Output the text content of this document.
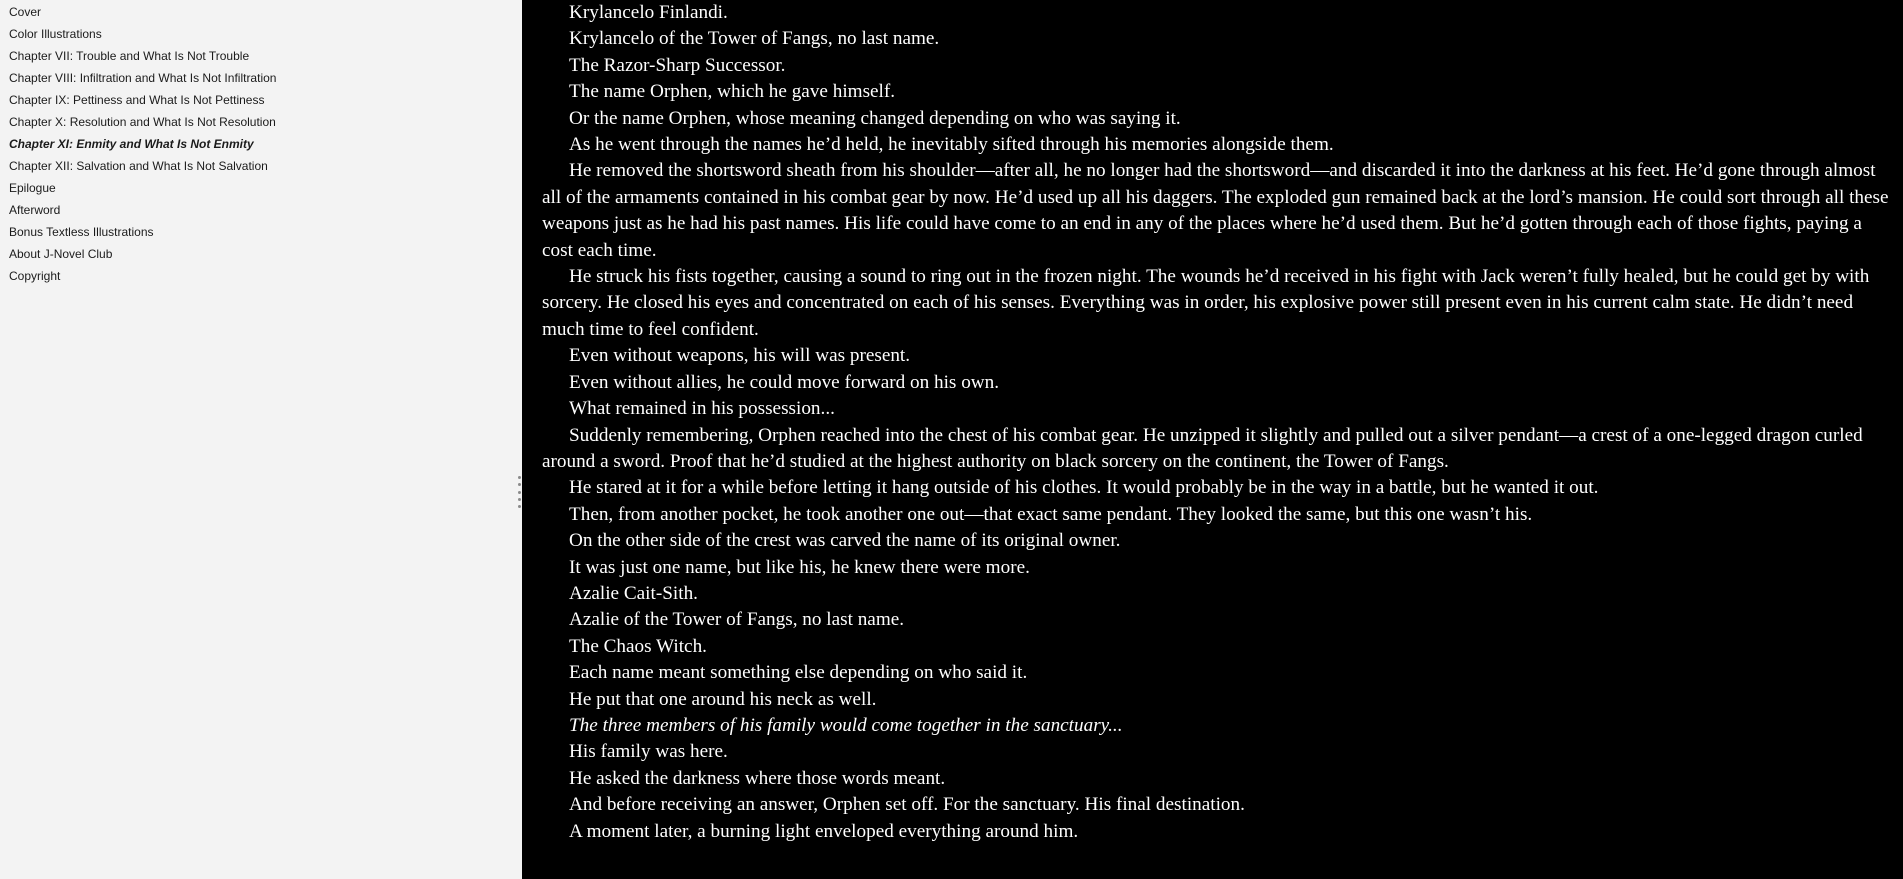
Cover
Color Illustrations
Chapter VII: Trouble and What Is Not Trouble
Chapter VIII: Infiltration and What Is Not Infiltration
Chapter IX: Pettiness and What Is Not Pettiness
Chapter X: Resolution and What Is Not Resolution
Chapter XI: Enmity and What Is Not Enmity
Chapter XII: Salvation and What Is Not Salvation
Epilogue
Afterword
Bonus Textless Illustrations
About J-Novel Club
Copyright

Krylancelo Finlandi.

Krylancelo of the Tower of Fangs, no last name.

The Razor-Sharp Successor.

The name Orphen, which he gave himself.

Or the name Orphen, whose meaning changed depending on who was saying it.

As he went through the names he’d held, he inevitably sifted through his memories alongside them.

He removed the shortsword sheath from his shoulder—after all, he no longer had the shortsword—and discarded it into the darkness at his feet. He’d gone through almost all of the armaments contained in his combat gear by now. He’d used up all his daggers. The exploded gun remained back at the lord’s mansion. He could sort through all these weapons just as he had his past names. His life could have come to an end in any of the places where he’d used them. But he’d gotten through each of those fights, paying a cost each time.

He struck his fists together, causing a sound to ring out in the frozen night. The wounds he’d received in his fight with Jack weren’t fully healed, but he could get by with sorcery. He closed his eyes and concentrated on each of his senses. Everything was in order, his explosive power still present even in his current calm state. He didn’t need much time to feel confident.

Even without weapons, his will was present.

Even without allies, he could move forward on his own.

What remained in his possession...

Suddenly remembering, Orphen reached into the chest of his combat gear. He unzipped it slightly and pulled out a silver pendant—a crest of a one-legged dragon curled around a sword. Proof that he’d studied at the highest authority on black sorcery on the continent, the Tower of Fangs.

He stared at it for a while before letting it hang outside of his clothes. It would probably be in the way in a battle, but he wanted it out.

Then, from another pocket, he took another one out—that exact same pendant. They looked the same, but this one wasn’t his.

On the other side of the crest was carved the name of its original owner.

It was just one name, but like his, he knew there were more.

Azalie Cait-Sith.

Azalie of the Tower of Fangs, no last name.

The Chaos Witch.

Each name meant something else depending on who said it.

He put that one around his neck as well.

The three members of his family would come together in the sanctuary...

His family was here.

He asked the darkness where those words meant.

And before receiving an answer, Orphen set off. For the sanctuary. His final destination.

A moment later, a burning light enveloped everything around him.
